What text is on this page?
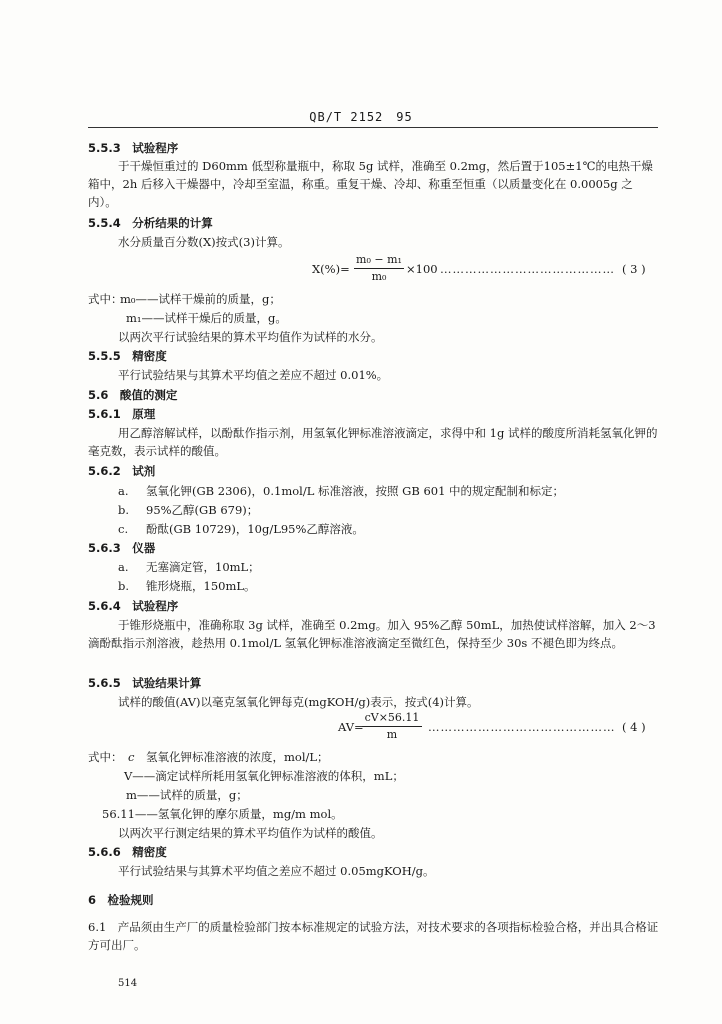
QB/T 2152　95
5.5.3　试验程序
于干燥恒重过的 D60mm 低型称量瓶中，称取 5g 试样，准确至 0.2mg，然后置于105±1℃的电热干燥箱中，2h 后移入干燥器中，冷却至室温，称重。重复干燥、冷却、称重至恒重（以质量变化在 0.0005g 之内）。
5.5.4　分析结果的计算
水分质量百分数(X)按式(3)计算。
X(%)=
m₀ − m₁
m₀
×100 …………………………………… ( 3 )
式中：
m₀——试样干燥前的质量，g；
m₁——试样干燥后的质量，g。
以两次平行试验结果的算术平均值作为试样的水分。
5.5.5　精密度
平行试验结果与其算术平均值之差应不超过 0.01%。
5.6　酸值的测定
5.6.1　原理
用乙醇溶解试样，以酚酞作指示剂，用氢氧化钾标准溶液滴定，求得中和 1g 试样的酸度所消耗氢氧化钾的毫克数，表示试样的酸值。
5.6.2　试剂
a. 氢氧化钾(GB 2306)，0.1mol/L 标准溶液，按照 GB 601 中的规定配制和标定；
b. 95%乙醇(GB 679)；
c. 酚酞(GB 10729)，10g/L95%乙醇溶液。
5.6.3　仪器
a. 无塞滴定管，10mL；
b. 锥形烧瓶，150mL。
5.6.4　试验程序
于锥形烧瓶中，准确称取 3g 试样，准确至 0.2mg。加入 95%乙醇 50mL，加热使试样溶解，加入 2～3 滴酚酞指示剂溶液，趁热用 0.1mol/L 氢氧化钾标准溶液滴定至微红色，保持至少 30s 不褪色即为终点。
5.6.5　试验结果计算
试样的酸值(AV)以毫克氢氧化钾每克(mgKOH/g)表示，按式(4)计算。
AV=
cV×56.11
m
……………………………………… ( 4 )
式中： c 氢氧化钾标准溶液的浓度，mol/L；
V——滴定试样所耗用氢氧化钾标准溶液的体积，mL；
m——试样的质量，g；
56.11——氢氧化钾的摩尔质量，mg/m mol。
以两次平行测定结果的算术平均值作为试样的酸值。
5.6.6　精密度
平行试验结果与其算术平均值之差应不超过 0.05mgKOH/g。
6　检验规则
6.1　产品须由生产厂的质量检验部门按本标准规定的试验方法，对技术要求的各项指标检验合格，并出具合格证方可出厂。
514
